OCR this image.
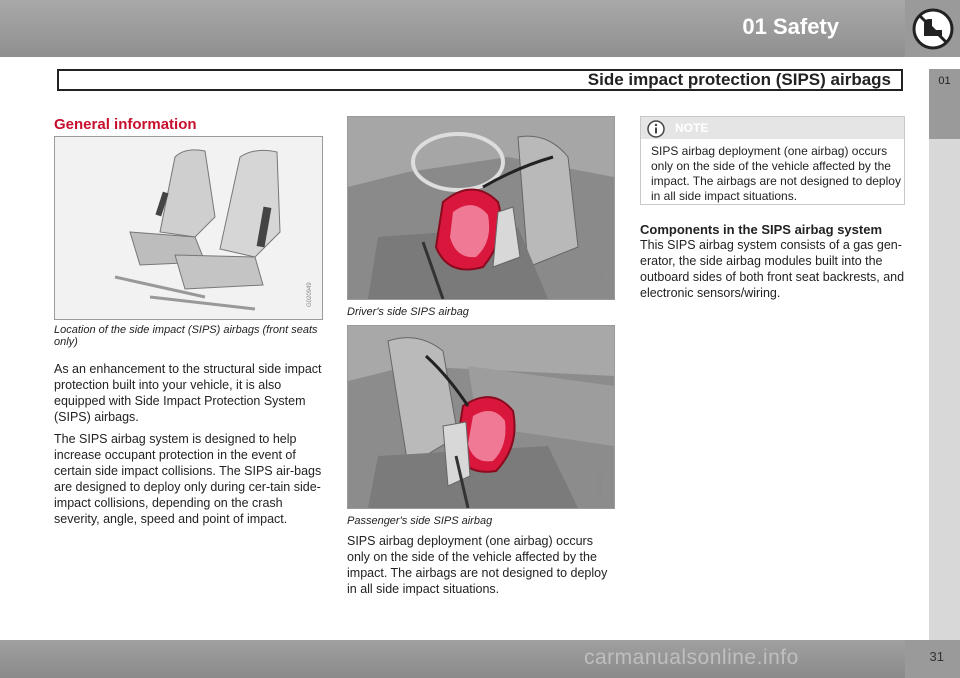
01 Safety
Side impact protection (SIPS) airbags	01
General information
G020949
Location of the side impact (SIPS) airbags (front seats only)

As an enhancement to the structural side impact protection built into your vehicle, it is also equipped with Side Impact Protection System (SIPS) airbags.

The SIPS airbag system is designed to help increase occupant protection in the event of certain side impact collisions. The SIPS air-bags are designed to deploy only during cer-tain side-impact collisions, depending on the crash severity, angle, speed and point of impact.

G024277
Driver's side SIPS airbag
G024278
Passenger's side SIPS airbag

SIPS airbag deployment (one airbag) occurs only on the side of the vehicle affected by the impact. The airbags are not designed to deploy in all side impact situations.

NOTE
SIPS airbag deployment (one airbag) occurs only on the side of the vehicle affected by the impact. The airbags are not designed to deploy in all side impact situations.
Components in the SIPS airbag system

This SIPS airbag system consists of a gas gen-erator, the side airbag modules built into the outboard sides of both front seat backrests, and electronic sensors/wiring.

carmanualsonline.info	31
